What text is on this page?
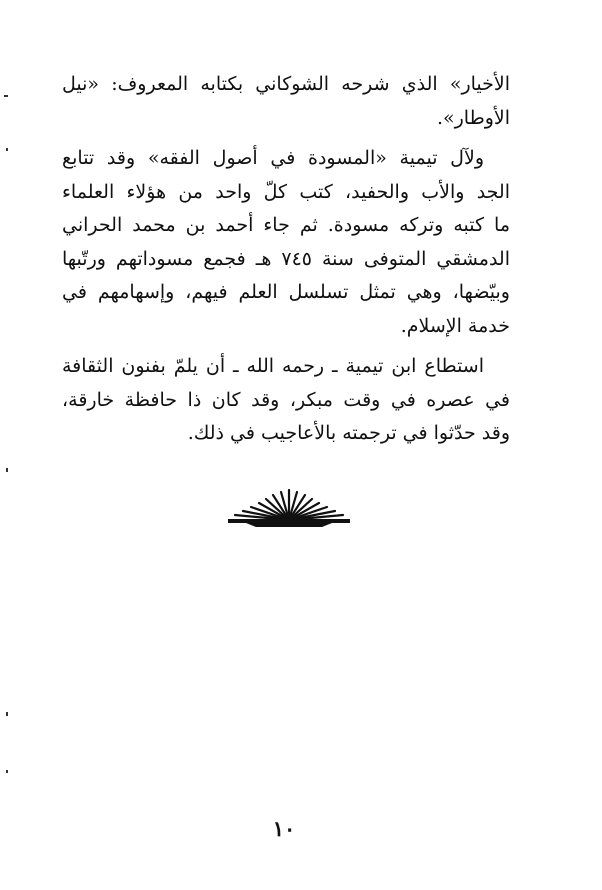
الأخيار» الذي شرحه الشوكاني بكتابه المعروف: «نيل
الأوطار».
ولآل تيمية «المسودة في أصول الفقه» وقد تتابع
الجد والأب والحفيد، كتب كلّ واحد من هؤلاء العلماء
ما كتبه وتركه مسودة. ثم جاء أحمد بن محمد الحراني
الدمشقي المتوفى سنة ٧٤٥ هـ فجمع مسوداتهم ورتّبها
وبيّضها، وهي تمثل تسلسل العلم فيهم، وإسهامهم في
خدمة الإسلام.
استطاع ابن تيمية ـ رحمه الله ـ أن يلمّ بفنون الثقافة
في عصره في وقت مبكر، وقد كان ذا حافظة خارقة،
وقد حدّثوا في ترجمته بالأعاجيب في ذلك.
١٠
